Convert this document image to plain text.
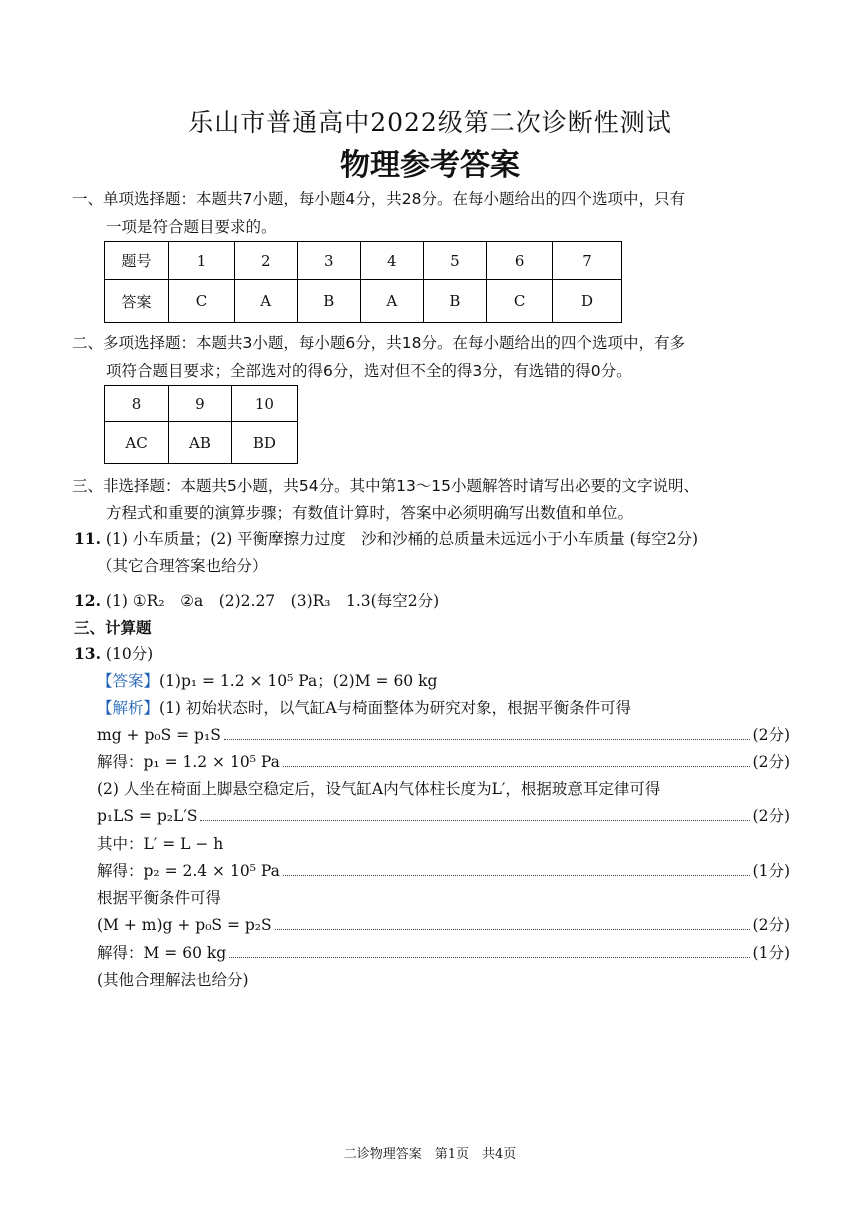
乐山市普通高中2022级第二次诊断性测试
物理参考答案
一、单项选择题：本题共7小题，每小题4分，共28分。在每小题给出的四个选项中，只有
一项是符合题目要求的。
题号	1	2	3	4	5	6	7
答案	C	A	B	A	B	C	D
二、多项选择题：本题共3小题，每小题6分，共18分。在每小题给出的四个选项中，有多
项符合题目要求；全部选对的得6分，选对但不全的得3分，有选错的得0分。
8	9	10
AC	AB	BD
三、非选择题：本题共5小题，共54分。其中第13～15小题解答时请写出必要的文字说明、
方程式和重要的演算步骤；有数值计算时，答案中必须明确写出数值和单位。
11. (1) 小车质量；(2) 平衡摩擦力过度　沙和沙桶的总质量未远远小于小车质量 (每空2分)
（其它合理答案也给分）
12. (1) ①R₂　②a　(2)2.27　(3)R₃　1.3(每空2分)
三、计算题
13. (10分)
【答案】(1)p₁ = 1.2 × 10⁵ Pa；(2)M = 60 kg
【解析】(1) 初始状态时，以气缸A与椅面整体为研究对象，根据平衡条件可得
mg + p₀S = p₁S	(2分)
解得：p₁ = 1.2 × 10⁵ Pa	(2分)
(2) 人坐在椅面上脚悬空稳定后，设气缸A内气体柱长度为L′，根据玻意耳定律可得
p₁LS = p₂L′S	(2分)
其中：L′ = L − h
解得：p₂ = 2.4 × 10⁵ Pa	(1分)
根据平衡条件可得
(M + m)g + p₀S = p₂S	(2分)
解得：M = 60 kg	(1分)
(其他合理解法也给分)
二诊物理答案　第1页　共4页
